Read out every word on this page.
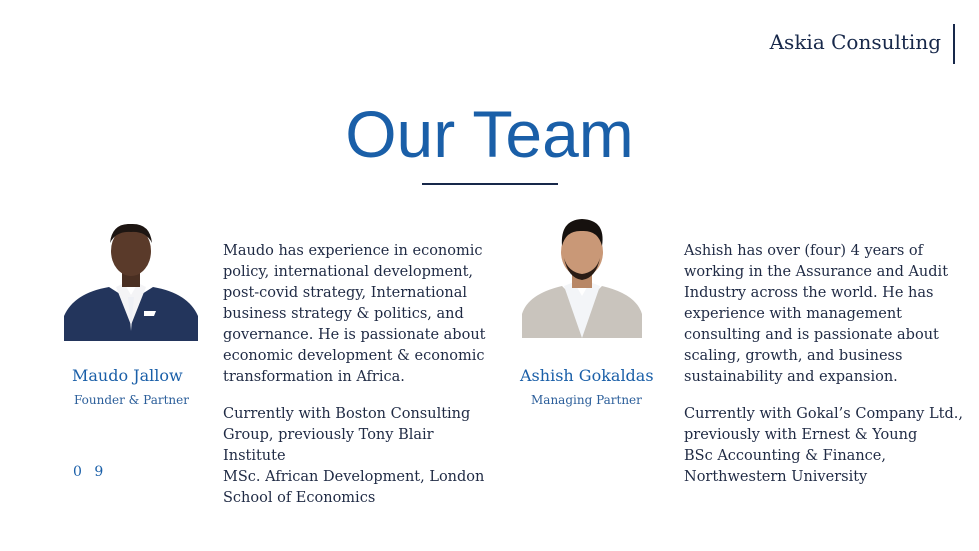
Askia Consulting
Our Team
Maudo Jallow
Founder & Partner
Maudo has experience in economic
policy, international development,
post-covid strategy, International
business strategy & politics, and
governance. He is passionate about
economic development & economic
transformation in Africa.
Currently with Boston Consulting
Group, previously Tony Blair Institute
MSc. African Development, London
School of Economics
Ashish Gokaldas
Managing Partner
Ashish has over (four) 4 years of
working in the Assurance and Audit
Industry across the world. He has
experience with management
consulting and is passionate about
scaling, growth, and business
sustainability and expansion.
Currently with Gokal’s Company Ltd.,
previously with Ernest & Young
BSc Accounting & Finance,
Northwestern University
0 9
